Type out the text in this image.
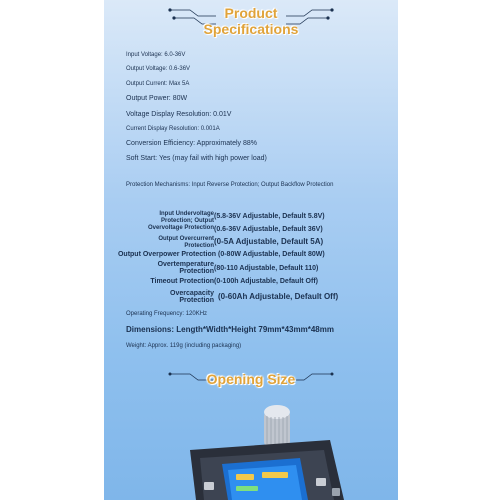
Product
Specifications
Input Voltage: 6.0-36V
Output Voltage: 0.6-36V
Output Current: Max 5A
Output Power: 80W
Voltage Display Resolution: 0.01V
Current Display Resolution: 0.001A
Conversion Efficiency: Approximately 88%
Soft Start: Yes (may fail with high power load)
Protection Mechanisms: Input Reverse Protection; Output Backflow Protection
Input Undervoltage
Protection; Output
Overvoltage Protection
(5.8-36V Adjustable, Default 5.8V)
(0.6-36V Adjustable, Default 36V)
Output Overcurrent
Protection (0-5A Adjustable, Default 5A)
Output Overpower Protection (0-80W Adjustable, Default 80W)
Overtemperature
Protection (80-110 Adjustable, Default 110)
Timeout Protection (0-100h Adjustable, Default Off)
Overcapacity
Protection (0-60Ah Adjustable, Default Off)
Operating Frequency: 120KHz
Dimensions: Length*Width*Height 79mm*43mm*48mm
Weight: Approx. 119g (including packaging)
Opening Size
